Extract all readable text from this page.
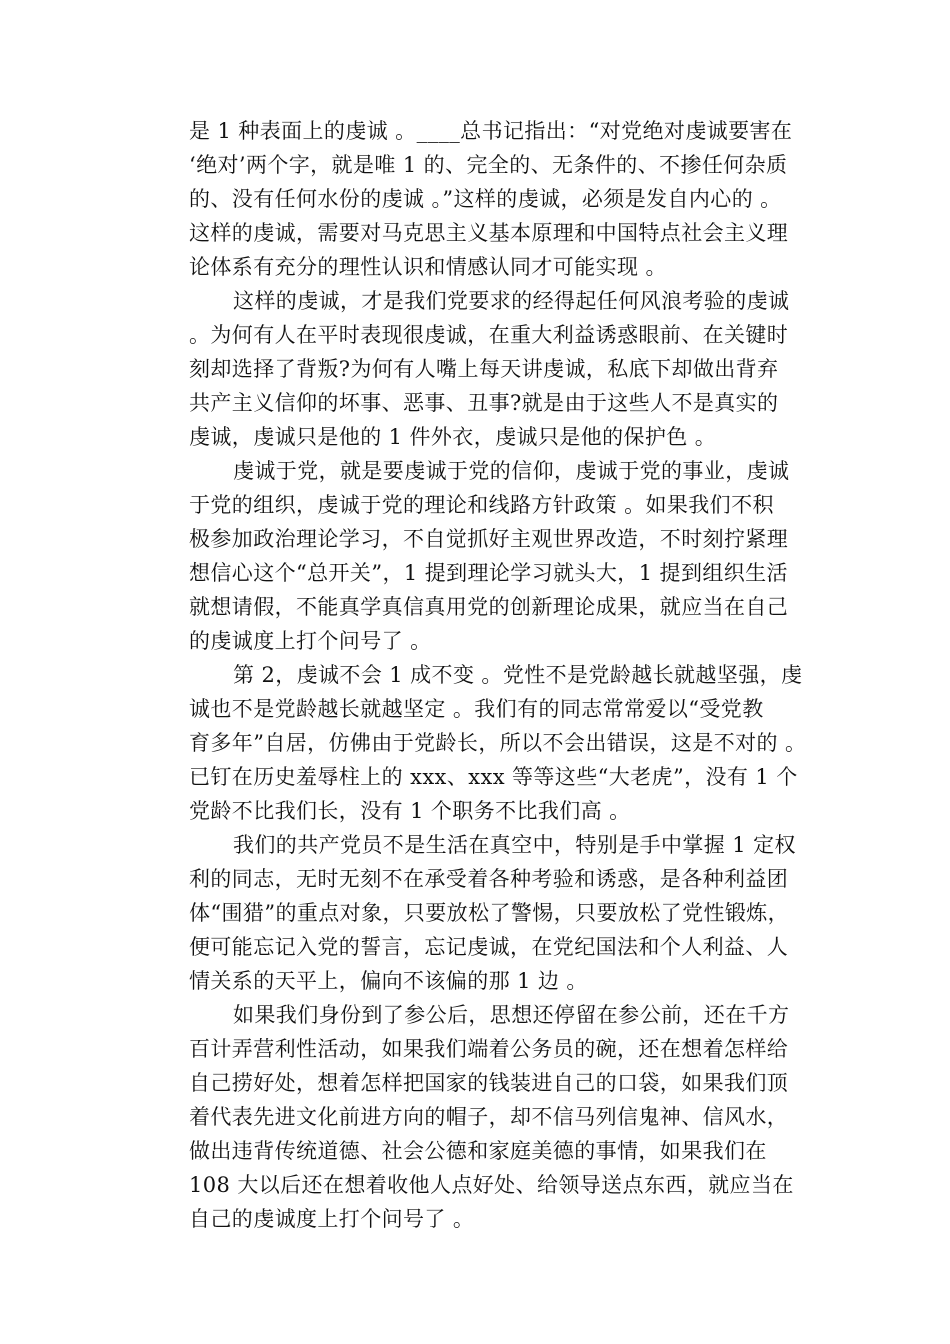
是 1 种表面上的虔诚 。____总书记指出：“对党绝对虔诚要害在
‘绝对’两个字，就是唯 1 的、完全的、无条件的、不掺任何杂质
的、没有任何水份的虔诚 。”这样的虔诚，必须是发自内心的 。
这样的虔诚，需要对马克思主义基本原理和中国特点社会主义理
论体系有充分的理性认识和情感认同才可能实现 。
这样的虔诚，才是我们党要求的经得起任何风浪考验的虔诚
。为何有人在平时表现很虔诚，在重大利益诱惑眼前、在关键时
刻却选择了背叛?为何有人嘴上每天讲虔诚，私底下却做出背弃
共产主义信仰的坏事、恶事、丑事?就是由于这些人不是真实的
虔诚，虔诚只是他的 1 件外衣，虔诚只是他的保护色 。
虔诚于党，就是要虔诚于党的信仰，虔诚于党的事业，虔诚
于党的组织，虔诚于党的理论和线路方针政策 。如果我们不积
极参加政治理论学习，不自觉抓好主观世界改造，不时刻拧紧理
想信心这个“总开关”，1 提到理论学习就头大，1 提到组织生活
就想请假，不能真学真信真用党的创新理论成果，就应当在自己
的虔诚度上打个问号了 。
第 2，虔诚不会 1 成不变 。党性不是党龄越长就越坚强，虔
诚也不是党龄越长就越坚定 。我们有的同志常常爱以“受党教
育多年”自居，仿佛由于党龄长，所以不会出错误，这是不对的 。
已钉在历史羞辱柱上的 xxx、xxx 等等这些“大老虎”，没有 1 个
党龄不比我们长，没有 1 个职务不比我们高 。
我们的共产党员不是生活在真空中，特别是手中掌握 1 定权
利的同志，无时无刻不在承受着各种考验和诱惑，是各种利益团
体“围猎”的重点对象，只要放松了警惕，只要放松了党性锻炼，
便可能忘记入党的誓言，忘记虔诚，在党纪国法和个人利益、人
情关系的天平上，偏向不该偏的那 1 边 。
如果我们身份到了参公后，思想还停留在参公前，还在千方
百计弄营利性活动，如果我们端着公务员的碗，还在想着怎样给
自己捞好处，想着怎样把国家的钱装进自己的口袋，如果我们顶
着代表先进文化前进方向的帽子，却不信马列信鬼神、信风水，
做出违背传统道德、社会公德和家庭美德的事情，如果我们在
108 大以后还在想着收他人点好处、给领导送点东西，就应当在
自己的虔诚度上打个问号了 。
